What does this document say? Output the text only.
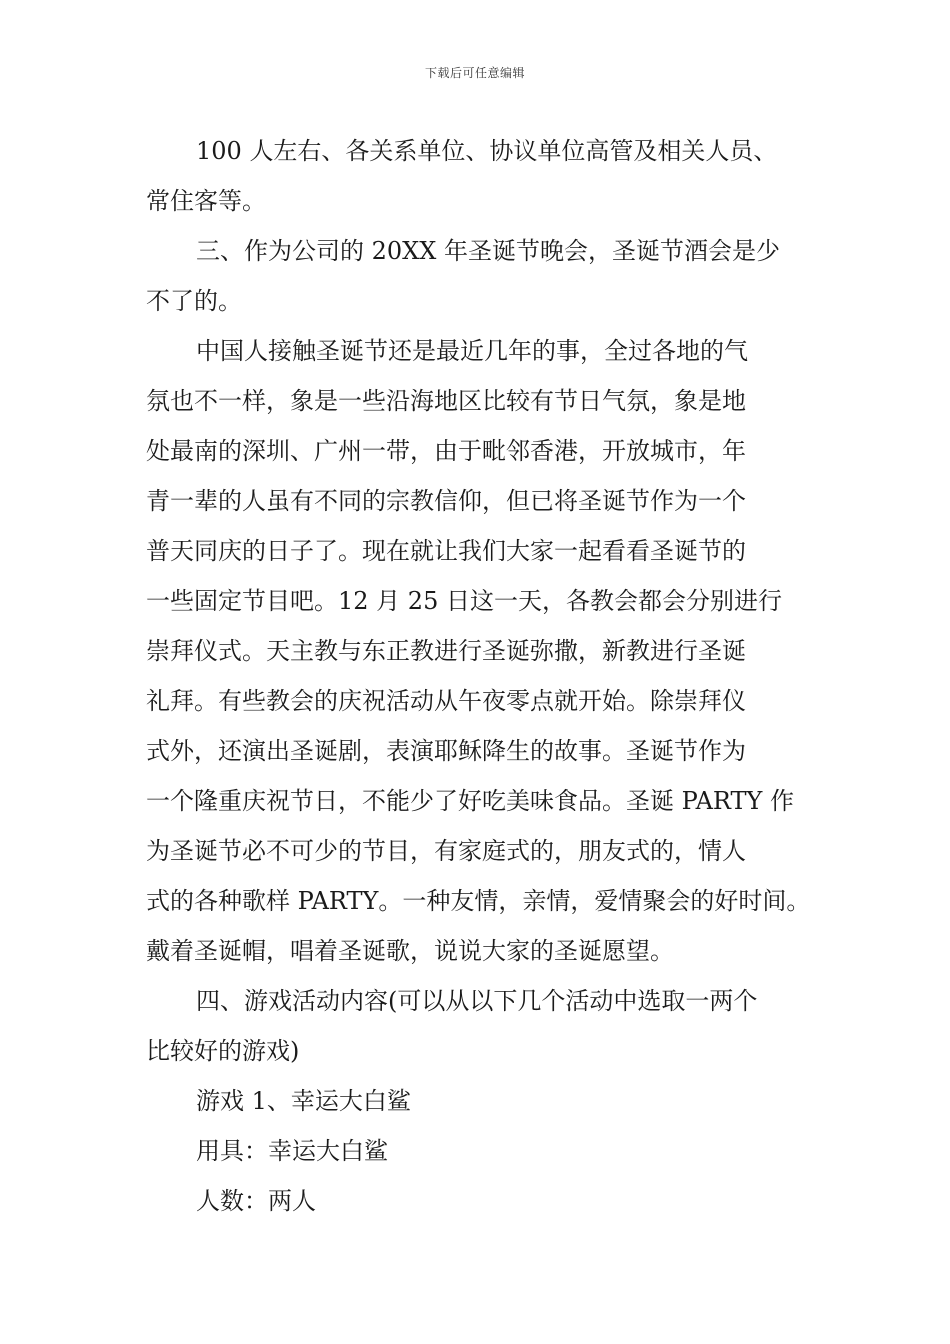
下载后可任意编辑
100 人左右、各关系单位、协议单位高管及相关人员、
常住客等。
三、作为公司的 20XX 年圣诞节晚会，圣诞节酒会是少
不了的。
中国人接触圣诞节还是最近几年的事，全过各地的气
氛也不一样，象是一些沿海地区比较有节日气氛，象是地
处最南的深圳、广州一带，由于毗邻香港，开放城市，年
青一辈的人虽有不同的宗教信仰，但已将圣诞节作为一个
普天同庆的日子了。现在就让我们大家一起看看圣诞节的
一些固定节目吧。12 月 25 日这一天，各教会都会分别进行
崇拜仪式。天主教与东正教进行圣诞弥撒，新教进行圣诞
礼拜。有些教会的庆祝活动从午夜零点就开始。除崇拜仪
式外，还演出圣诞剧，表演耶稣降生的故事。圣诞节作为
一个隆重庆祝节日，不能少了好吃美味食品。圣诞 PARTY 作
为圣诞节必不可少的节目，有家庭式的，朋友式的，情人
式的各种歌样 PARTY。一种友情，亲情，爱情聚会的好时间。
戴着圣诞帽，唱着圣诞歌，说说大家的圣诞愿望。
四、游戏活动内容(可以从以下几个活动中选取一两个
比较好的游戏)
游戏 1、幸运大白鲨
用具：幸运大白鲨
人数：两人
